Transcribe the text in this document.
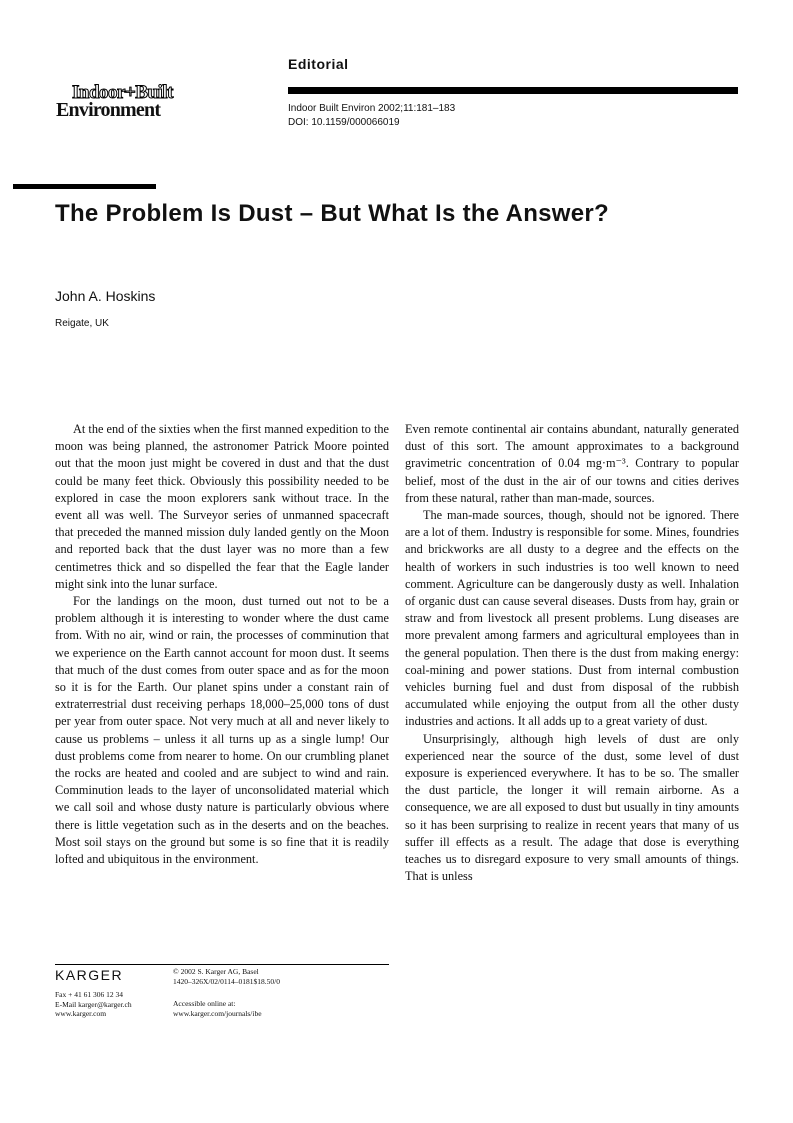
Editorial
Indoor Built Environ 2002;11:181–183
DOI: 10.1159/000066019
Indoor+Built
Environment
The Problem Is Dust – But What Is the Answer?
John A. Hoskins
Reigate, UK

At the end of the sixties when the first manned expedition to the moon was being planned, the astronomer Patrick Moore pointed out that the moon just might be covered in dust and that the dust could be many feet thick. Obviously this possibility needed to be explored in case the moon explorers sank without trace. In the event all was well. The Surveyor series of unmanned spacecraft that preceded the manned mission duly landed gently on the Moon and reported back that the dust layer was no more than a few centimetres thick and so dispelled the fear that the Eagle lander might sink into the lunar surface.

For the landings on the moon, dust turned out not to be a problem although it is interesting to wonder where the dust came from. With no air, wind or rain, the processes of comminution that we experience on the Earth cannot account for moon dust. It seems that much of the dust comes from outer space and as for the moon so it is for the Earth. Our planet spins under a constant rain of extraterrestrial dust receiving perhaps 18,000–25,000 tons of dust per year from outer space. Not very much at all and never likely to cause us problems – unless it all turns up as a single lump! Our dust problems come from nearer to home. On our crumbling planet the rocks are heated and cooled and are subject to wind and rain. Comminution leads to the layer of unconsolidated material which we call soil and whose dusty nature is particularly obvious where there is little vegetation such as in the deserts and on the beaches. Most soil stays on the ground but some is so fine that it is readily lofted and ubiquitous in the environment.

Even remote continental air contains abundant, naturally generated dust of this sort. The amount approximates to a background gravimetric concentration of 0.04 mg·m⁻³. Contrary to popular belief, most of the dust in the air of our towns and cities derives from these natural, rather than man-made, sources.

The man-made sources, though, should not be ignored. There are a lot of them. Industry is responsible for some. Mines, foundries and brickworks are all dusty to a degree and the effects on the health of workers in such industries is too well known to need comment. Agriculture can be dangerously dusty as well. Inhalation of organic dust can cause several diseases. Dusts from hay, grain or straw and from livestock all present problems. Lung diseases are more prevalent among farmers and agricultural employees than in the general population. Then there is the dust from making energy: coal-mining and power stations. Dust from internal combustion vehicles burning fuel and dust from disposal of the rubbish accumulated while enjoying the output from all the other dusty industries and actions. It all adds up to a great variety of dust.

Unsurprisingly, although high levels of dust are only experienced near the source of the dust, some level of dust exposure is experienced everywhere. It has to be so. The smaller the dust particle, the longer it will remain airborne. As a consequence, we are all exposed to dust but usually in tiny amounts so it has been surprising to realize in recent years that many of us suffer ill effects as a result. The adage that dose is everything teaches us to disregard exposure to very small amounts of things. That is unless

KARGER
Fax + 41 61 306 12 34
E-Mail karger@karger.ch
www.karger.com
© 2002 S. Karger AG, Basel
1420–326X/02/0114–0181$18.50/0
Accessible online at:
www.karger.com/journals/ibe
